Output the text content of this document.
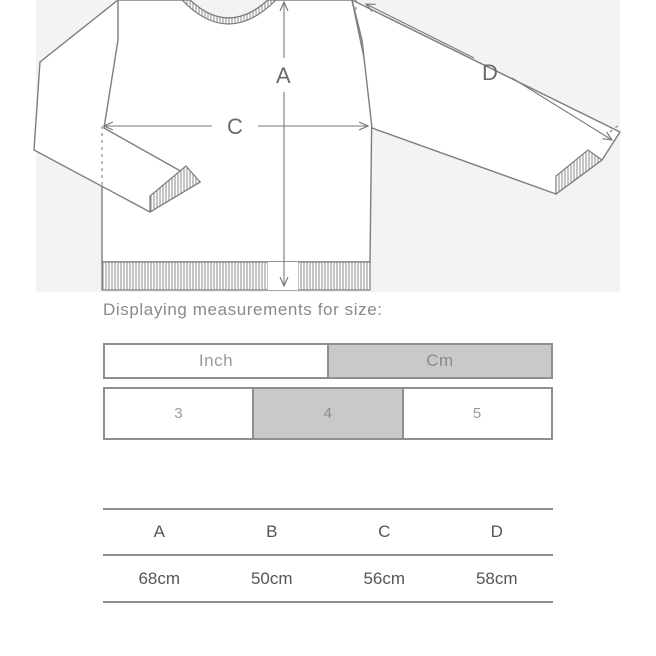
A
C
D
Displaying measurements for size:
Inch	Cm
3	4	5
A	B	C	D
68cm	50cm	56cm	58cm
